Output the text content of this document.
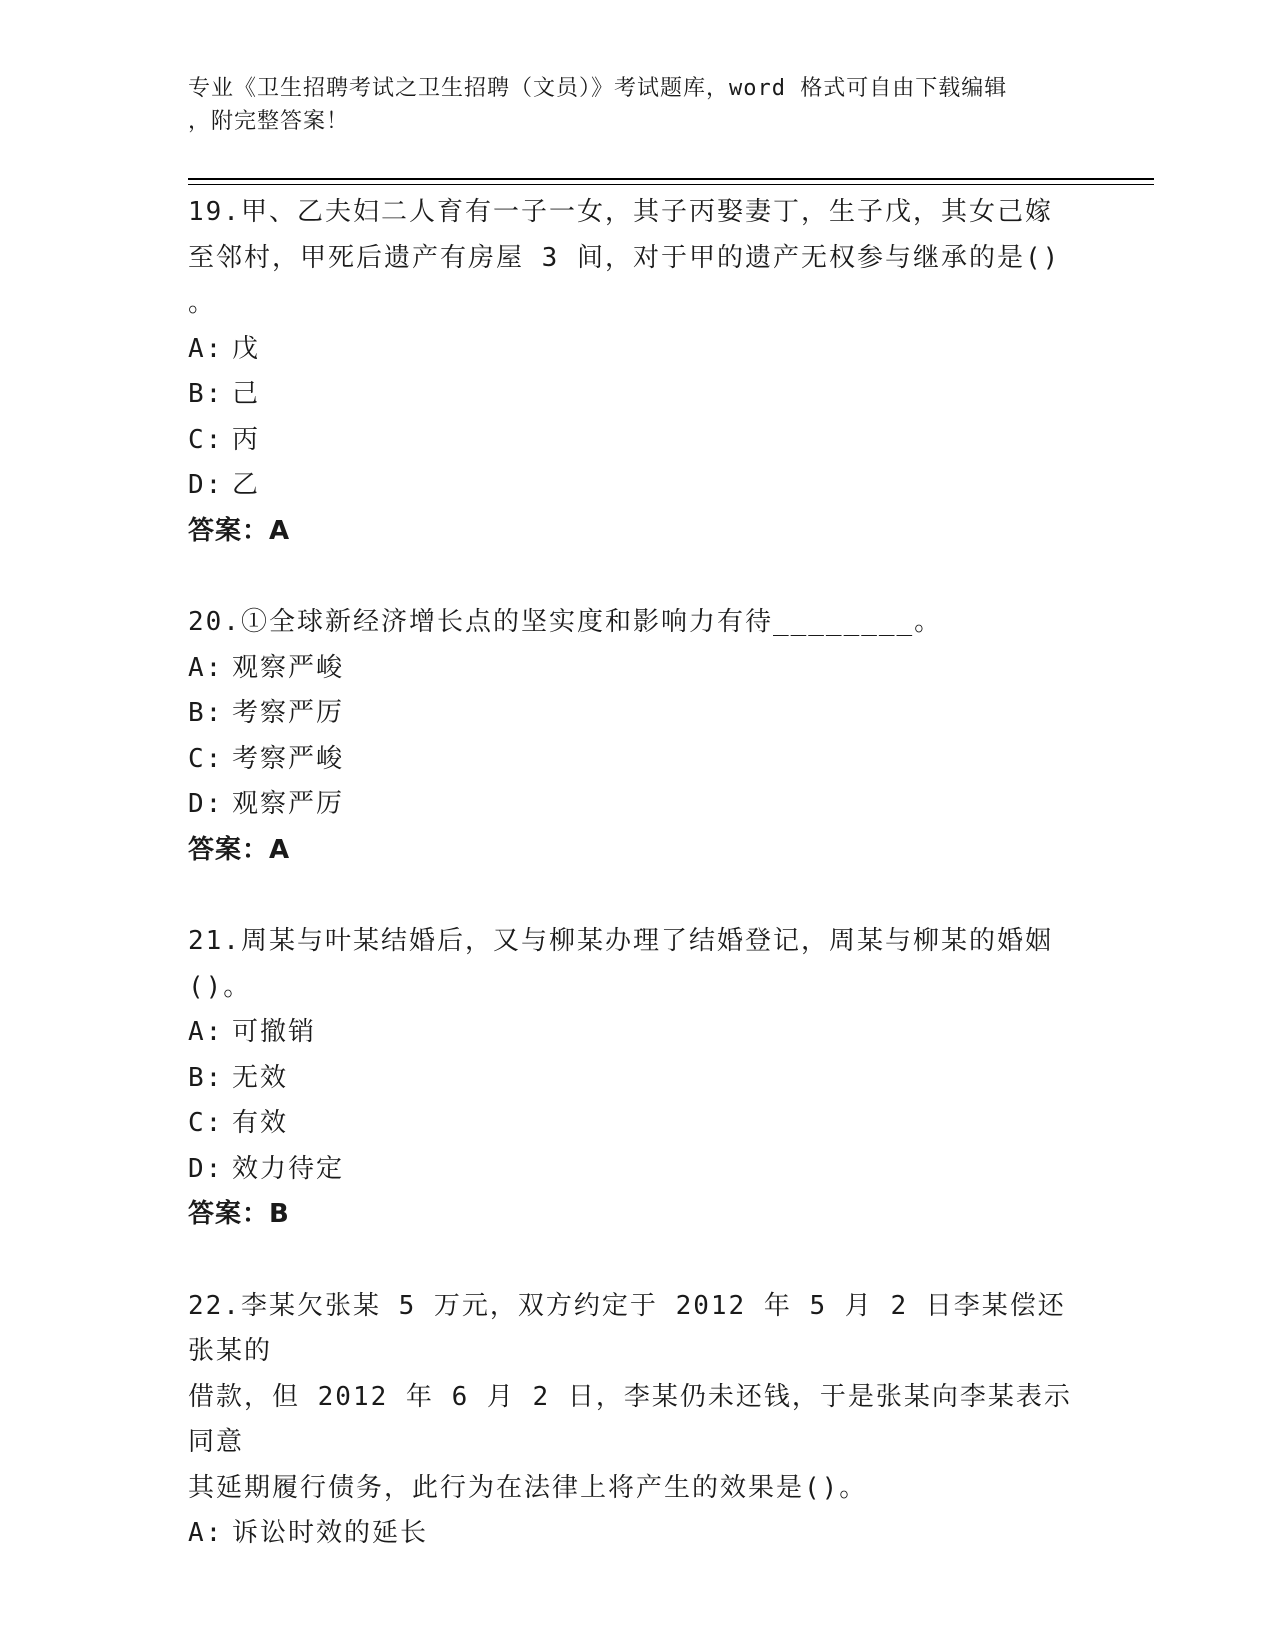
专业《卫生招聘考试之卫生招聘（文员）》考试题库，word 格式可自由下载编辑

，附完整答案！

19.甲、乙夫妇二人育有一子一女，其子丙娶妻丁，生子戊，其女己嫁

至邻村，甲死后遗产有房屋 3 间，对于甲的遗产无权参与继承的是()

。

A: 戊

B: 己

C: 丙

D: 乙

答案：A

20.①全球新经济增长点的坚实度和影响力有待________。

A: 观察严峻

B: 考察严厉

C: 考察严峻

D: 观察严厉

答案：A

21.周某与叶某结婚后，又与柳某办理了结婚登记，周某与柳某的婚姻

()。

A: 可撤销

B: 无效

C: 有效

D: 效力待定

答案：B

22.李某欠张某 5 万元，双方约定于 2012 年 5 月 2 日李某偿还张某的

借款，但 2012 年 6 月 2 日，李某仍未还钱，于是张某向李某表示同意

其延期履行债务，此行为在法律上将产生的效果是()。

A: 诉讼时效的延长
